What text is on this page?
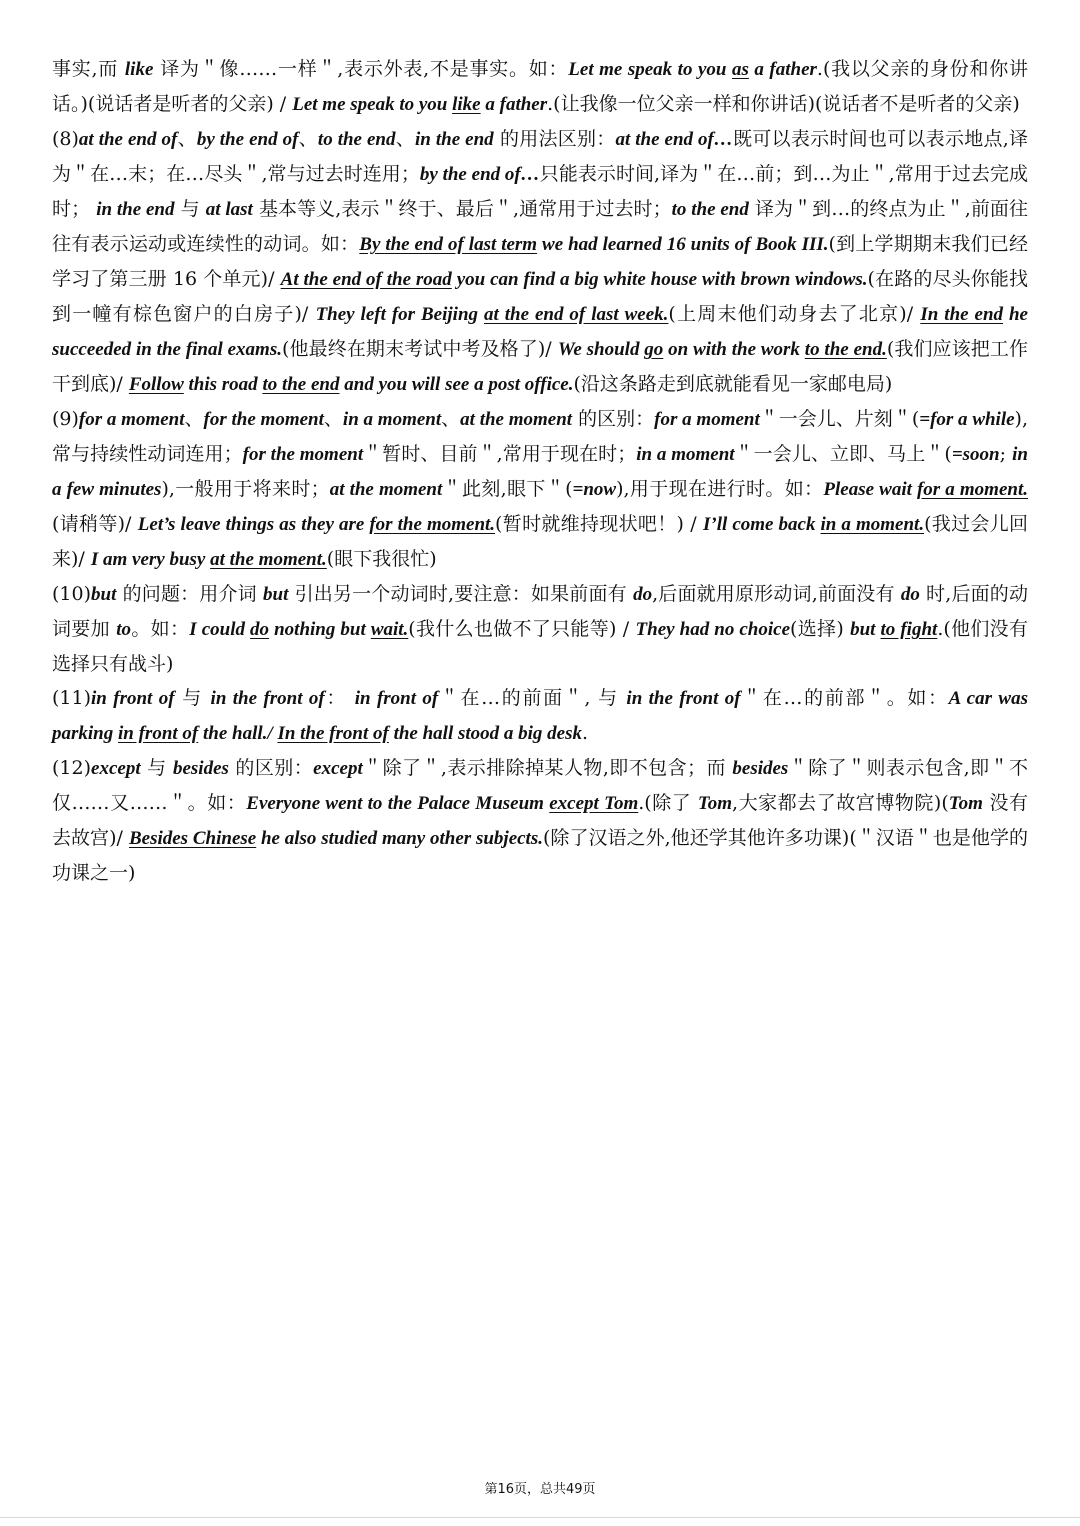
事实,而 like 译为＂像……一样＂,表示外表,不是事实。如：Let me speak to you as a father.(我以父亲的身份和你讲话。)(说话者是听者的父亲) / Let me speak to you like a father.(让我像一位父亲一样和你讲话)(说话者不是听者的父亲)

(8)at the end of、by the end of、to the end、in the end 的用法区别：at the end of…既可以表示时间也可以表示地点,译为＂在…末；在…尽头＂,常与过去时连用；by the end of…只能表示时间,译为＂在…前；到…为止＂,常用于过去完成时； in the end 与 at last 基本等义,表示＂终于、最后＂,通常用于过去时；to the end 译为＂到…的终点为止＂,前面往往有表示运动或连续性的动词。如：By the end of last term we had learned 16 units of Book III.(到上学期期末我们已经学习了第三册 16 个单元)/ At the end of the road you can find a big white house with brown windows.(在路的尽头你能找到一幢有棕色窗户的白房子)/ They left for Beijing at the end of last week.(上周末他们动身去了北京)/ In the end he succeeded in the final exams.(他最终在期末考试中考及格了)/ We should go on with the work to the end.(我们应该把工作干到底)/ Follow this road to the end and you will see a post office.(沿这条路走到底就能看见一家邮电局)

(9)for a moment、for the moment、in a moment、at the moment 的区别：for a moment＂一会儿、片刻＂(=for a while),常与持续性动词连用；for the moment＂暂时、目前＂,常用于现在时；in a moment＂一会儿、立即、马上＂(=soon; in a few minutes),一般用于将来时；at the moment＂此刻,眼下＂(=now),用于现在进行时。如：Please wait for a moment.(请稍等)/ Let’s leave things as they are for the moment.(暂时就维持现状吧！) / I’ll come back in a moment.(我过会儿回来)/ I am very busy at the moment.(眼下我很忙)

(10)but 的问题：用介词 but 引出另一个动词时,要注意：如果前面有 do,后面就用原形动词,前面没有 do 时,后面的动词要加 to。如：I could do nothing but wait.(我什么也做不了只能等) / They had no choice(选择) but to fight.(他们没有选择只有战斗)

(11)in front of 与 in the front of： in front of＂在…的前面＂, 与 in the front of＂在…的前部＂。如：A car was parking in front of the hall./ In the front of the hall stood a big desk.

(12)except 与 besides 的区别：except＂除了＂,表示排除掉某人物,即不包含；而 besides＂除了＂则表示包含,即＂不仅……又……＂。如：Everyone went to the Palace Museum except Tom.(除了 Tom,大家都去了故宫博物院)(Tom 没有去故宫)/ Besides Chinese he also studied many other subjects.(除了汉语之外,他还学其他许多功课)(＂汉语＂也是他学的功课之一)

第16页，总共49页
